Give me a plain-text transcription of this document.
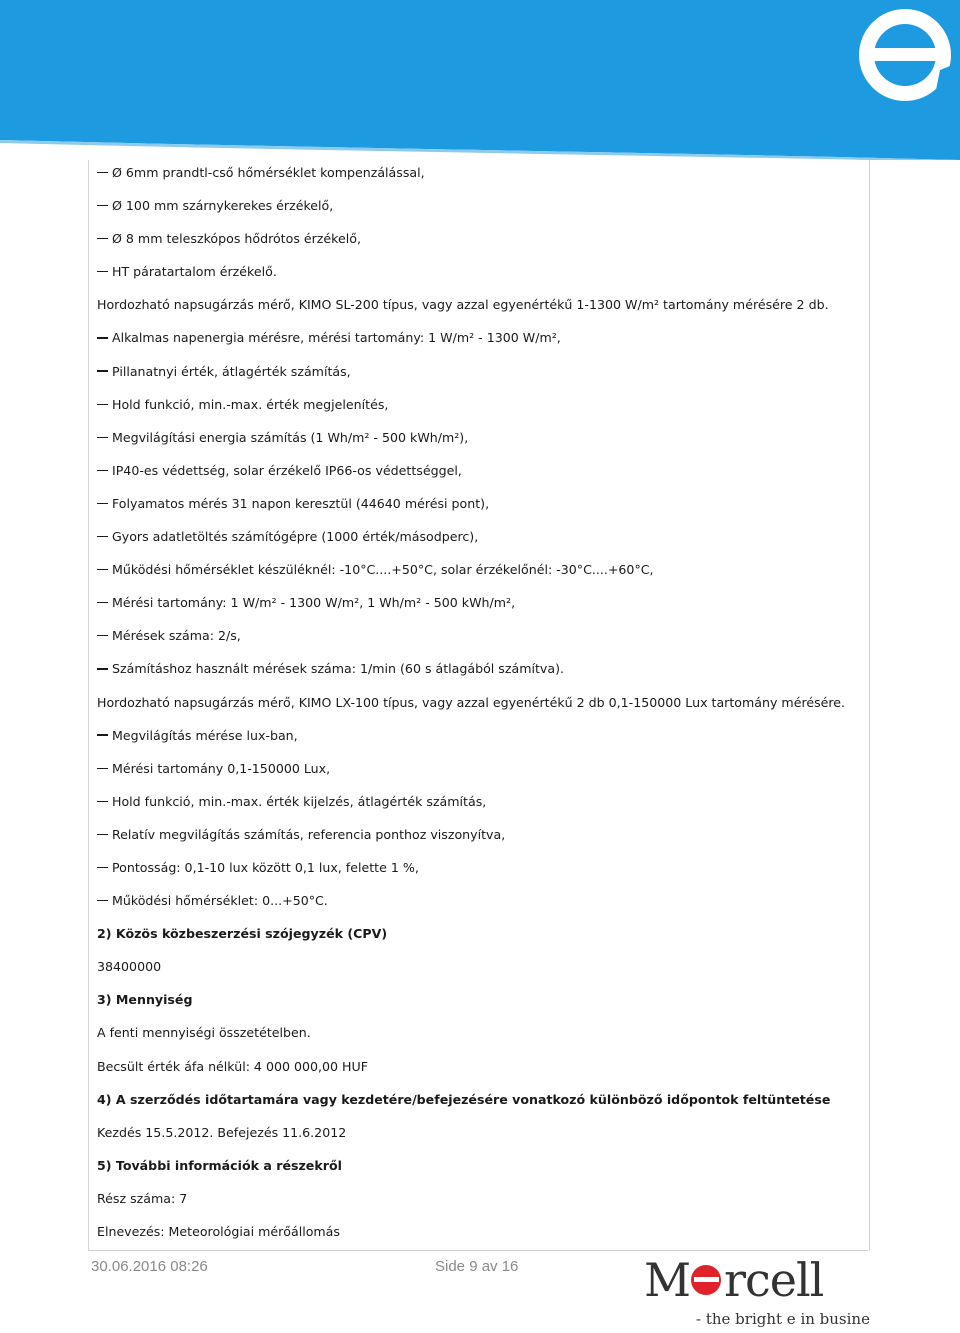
Ø 6mm prandtl-cső hőmérséklet kompenzálással,
Ø 100 mm szárnykerekes érzékelő,
Ø 8 mm teleszkópos hődrótos érzékelő,
HT páratartalom érzékelő.
Hordozható napsugárzás mérő, KIMO SL-200 típus, vagy azzal egyenértékű 1-1300 W/m² tartomány mérésére 2 db.
Alkalmas napenergia mérésre, mérési tartomány: 1 W/m² - 1300 W/m²,
Pillanatnyi érték, átlagérték számítás,
Hold funkció, min.-max. érték megjelenítés,
Megvilágítási energia számítás (1 Wh/m² - 500 kWh/m²),
IP40-es védettség, solar érzékelő IP66-os védettséggel,
Folyamatos mérés 31 napon keresztül (44640 mérési pont),
Gyors adatletöltés számítógépre (1000 érték/másodperc),
Működési hőmérséklet készüléknél: -10°C....+50°C, solar érzékelőnél: -30°C....+60°C,
Mérési tartomány: 1 W/m² - 1300 W/m², 1 Wh/m² - 500 kWh/m²,
Mérések száma: 2/s,
Számításhoz használt mérések száma: 1/min (60 s átlagából számítva).
Hordozható napsugárzás mérő, KIMO LX-100 típus, vagy azzal egyenértékű 2 db 0,1-150000 Lux tartomány mérésére.
Megvilágítás mérése lux-ban,
Mérési tartomány 0,1-150000 Lux,
Hold funkció, min.-max. érték kijelzés, átlagérték számítás,
Relatív megvilágítás számítás, referencia ponthoz viszonyítva,
Pontosság: 0,1-10 lux között 0,1 lux, felette 1 %,
Működési hőmérséklet: 0...+50°C.
2) Közös közbeszerzési szójegyzék (CPV)
38400000
3) Mennyiség
A fenti mennyiségi összetételben.
Becsült érték áfa nélkül: 4 000 000,00 HUF
4) A szerződés időtartamára vagy kezdetére/befejezésére vonatkozó különböző időpontok feltüntetése
Kezdés 15.5.2012. Befejezés 11.6.2012
5) További információk a részekről
Rész száma: 7
Elnevezés: Meteorológiai mérőállomás
30.06.2016 08:26	Side 9 av 16	M rcell
- the bright e in business
